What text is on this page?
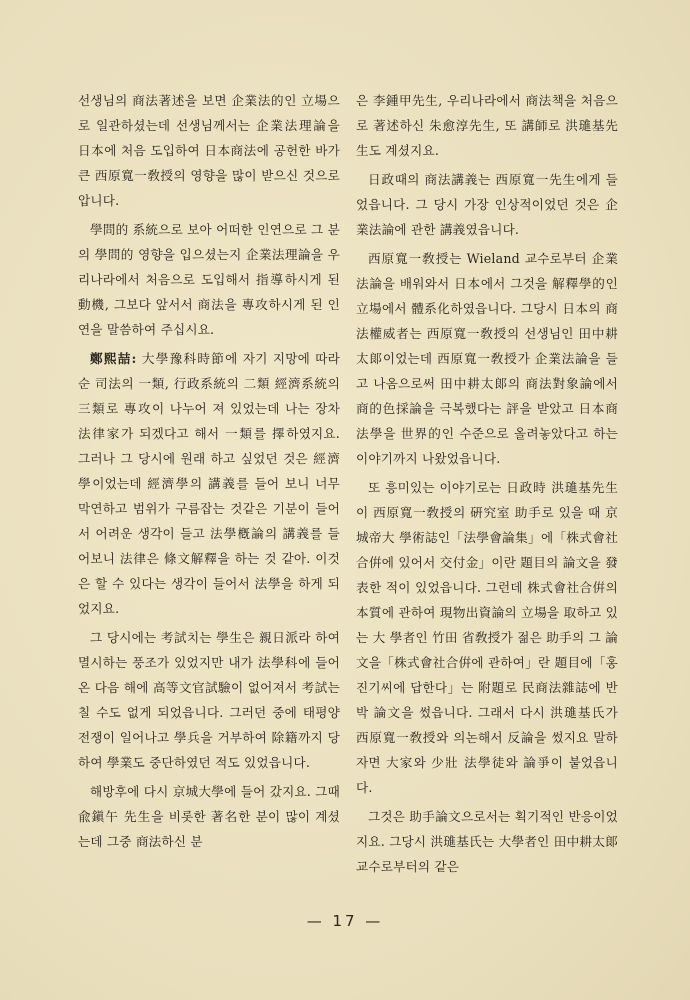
선생님의 商法著述을 보면 企業法的인 立場으로 일관하셨는데 선생님께서는 企業法理論을 日本에 처음 도입하여 日本商法에 공헌한 바가 큰 西原寬一敎授의 영향을 많이 받으신 것으로 압니다.

學問的 系統으로 보아 어떠한 인연으로 그 분의 學問的 영향을 입으셨는지 企業法理論을 우리나라에서 처음으로 도입해서 指導하시게 된 動機, 그보다 앞서서 商法을 專攻하시게 된 인연을 말씀하여 주십시요.

鄭熙喆: 大學豫科時節에 자기 지망에 따라 순 司法의 一類, 行政系統의 二類 經濟系統의 三類로 專攻이 나누어 져 있었는데 나는 장차 法律家가 되겠다고 해서 一類를 擇하였지요. 그러나 그 당시에 원래 하고 싶었던 것은 經濟學이었는데 經濟學의 講義를 들어 보니 너무 막연하고 범위가 구름잡는 것같은 기분이 들어서 어려운 생각이 들고 法學槪論의 講義를 들어보니 法律은 條文解釋을 하는 것 같아. 이것은 할 수 있다는 생각이 들어서 法學을 하게 되었지요.

그 당시에는 考試치는 學生은 親日派라 하여 멸시하는 풍조가 있었지만 내가 法學科에 들어온 다음 해에 高等文官試驗이 없어져서 考試는 칠 수도 없게 되었읍니다. 그러던 중에 태평양전쟁이 일어나고 學兵을 거부하여 除籍까지 당하여 學業도 중단하였던 적도 있었읍니다.

해방후에 다시 京城大學에 들어 갔지요. 그때 兪鎭午 先生을 비롯한 著名한 분이 많이 계셨는데 그중 商法하신 분

은 李鍾甲先生, 우리나라에서 商法책을 처음으로 著述하신 朱愈淳先生, 또 講師로 洪璡基先生도 계셨지요.

日政때의 商法講義는 西原寬一先生에게 들었읍니다. 그 당시 가장 인상적이었던 것은 企業法論에 관한 講義였읍니다.

西原寬一敎授는 Wieland 교수로부터 企業法論을 배워와서 日本에서 그것을 解釋學的인 立場에서 體系化하였읍니다. 그당시 日本의 商法權威者는 西原寬一敎授의 선생님인 田中耕太郞이었는데 西原寬一敎授가 企業法論을 들고 나옴으로써 田中耕太郞의 商法對象論에서 商的色採論을 극복했다는 評을 받았고 日本商法學을 世界的인 수준으로 올려놓았다고 하는 이야기까지 나왔었읍니다.

또 흥미있는 이야기로는 日政時 洪璡基先生이 西原寬一敎授의 硏究室 助手로 있을 때 京城帝大 學術誌인「法學會論集」에「株式會社合倂에 있어서 交付金」이란 題目의 論文을 發表한 적이 있었읍니다. 그런데 株式會社合倂의 本質에 관하여 現物出資論의 立場을 取하고 있는 大 學者인 竹田 省敎授가 젊은 助手의 그 論文을「株式會社合倂에 관하여」란 題目에「홍진기씨에 답한다」는 附題로 民商法雜誌에 반박 論文을 썼읍니다. 그래서 다시 洪璡基氏가 西原寬一敎授와 의논해서 反論을 썼지요 말하자면 大家와 少壯 法學徒와 論爭이 붙었읍니다.

그것은 助手論文으로서는 획기적인 반응이었지요. 그당시 洪璡基氏는 大學者인 田中耕太郞 교수로부터의 같은

— 17 —
